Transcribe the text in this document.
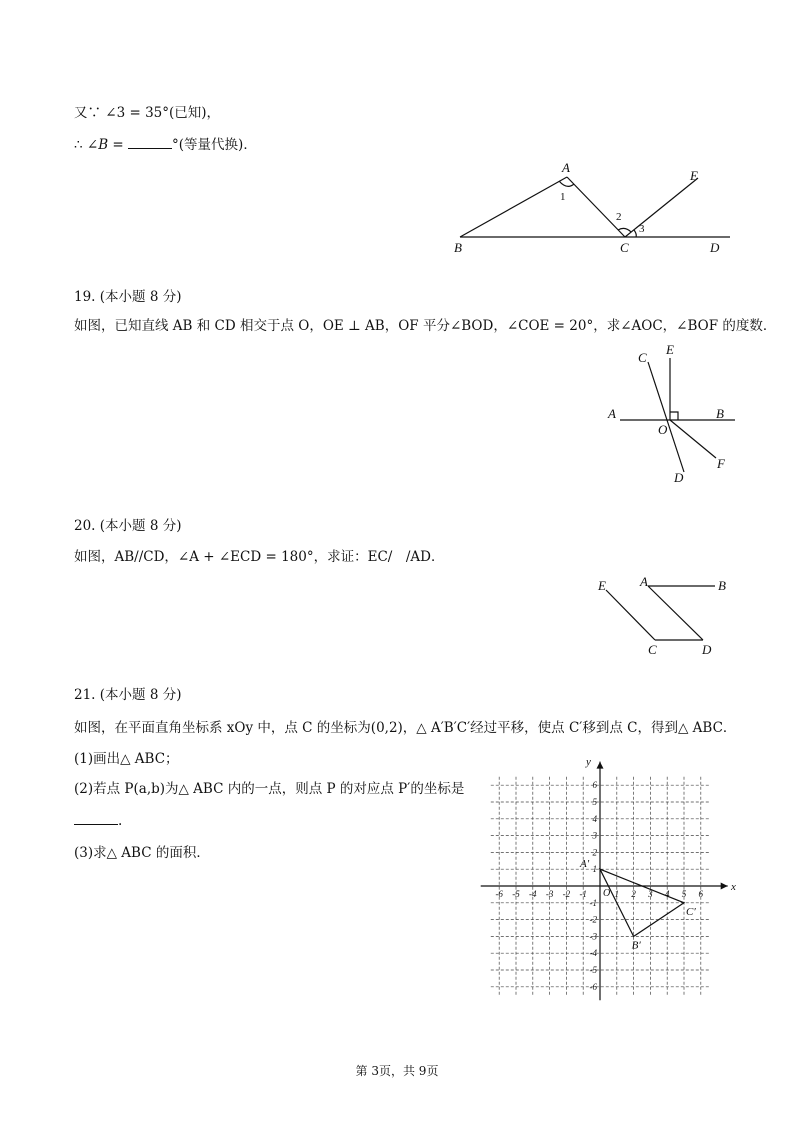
又∵ ∠3 = 35°(已知)，
∴ ∠B =	°(等量代换)．
A
B	C	D
E
1
2
3
19. (本小题 8 分)
如图，已知直线 AB 和 CD 相交于点 O，OE ⊥ AB，OF 平分∠BOD，∠COE = 20°，求∠AOC，∠BOF 的度数．
A	B
C
E
O
F
D
20. (本小题 8 分)
如图，AB//CD，∠A + ∠ECD = 180°，求证：EC/　/AD．
E	A	B
C	D
21. (本小题 8 分)
如图，在平面直角坐标系 xOy 中，点 C 的坐标为(0,2)，△ A′B′C′经过平移，使点 C′移到点 C，得到△ ABC．
(1)画出△ ABC；
(2)若点 P(a,b)为△ ABC 内的一点，则点 P 的对应点 P′的坐标是
.
(3)求△ ABC 的面积．
x
y
O
-6 -5 -4 -3 -2 -1	1 2 3 4 5 6
6
5
4
3
2
1
-1
-2
-3
-4
-5
-6
A′
B′
C′
第 3页，共 9页
